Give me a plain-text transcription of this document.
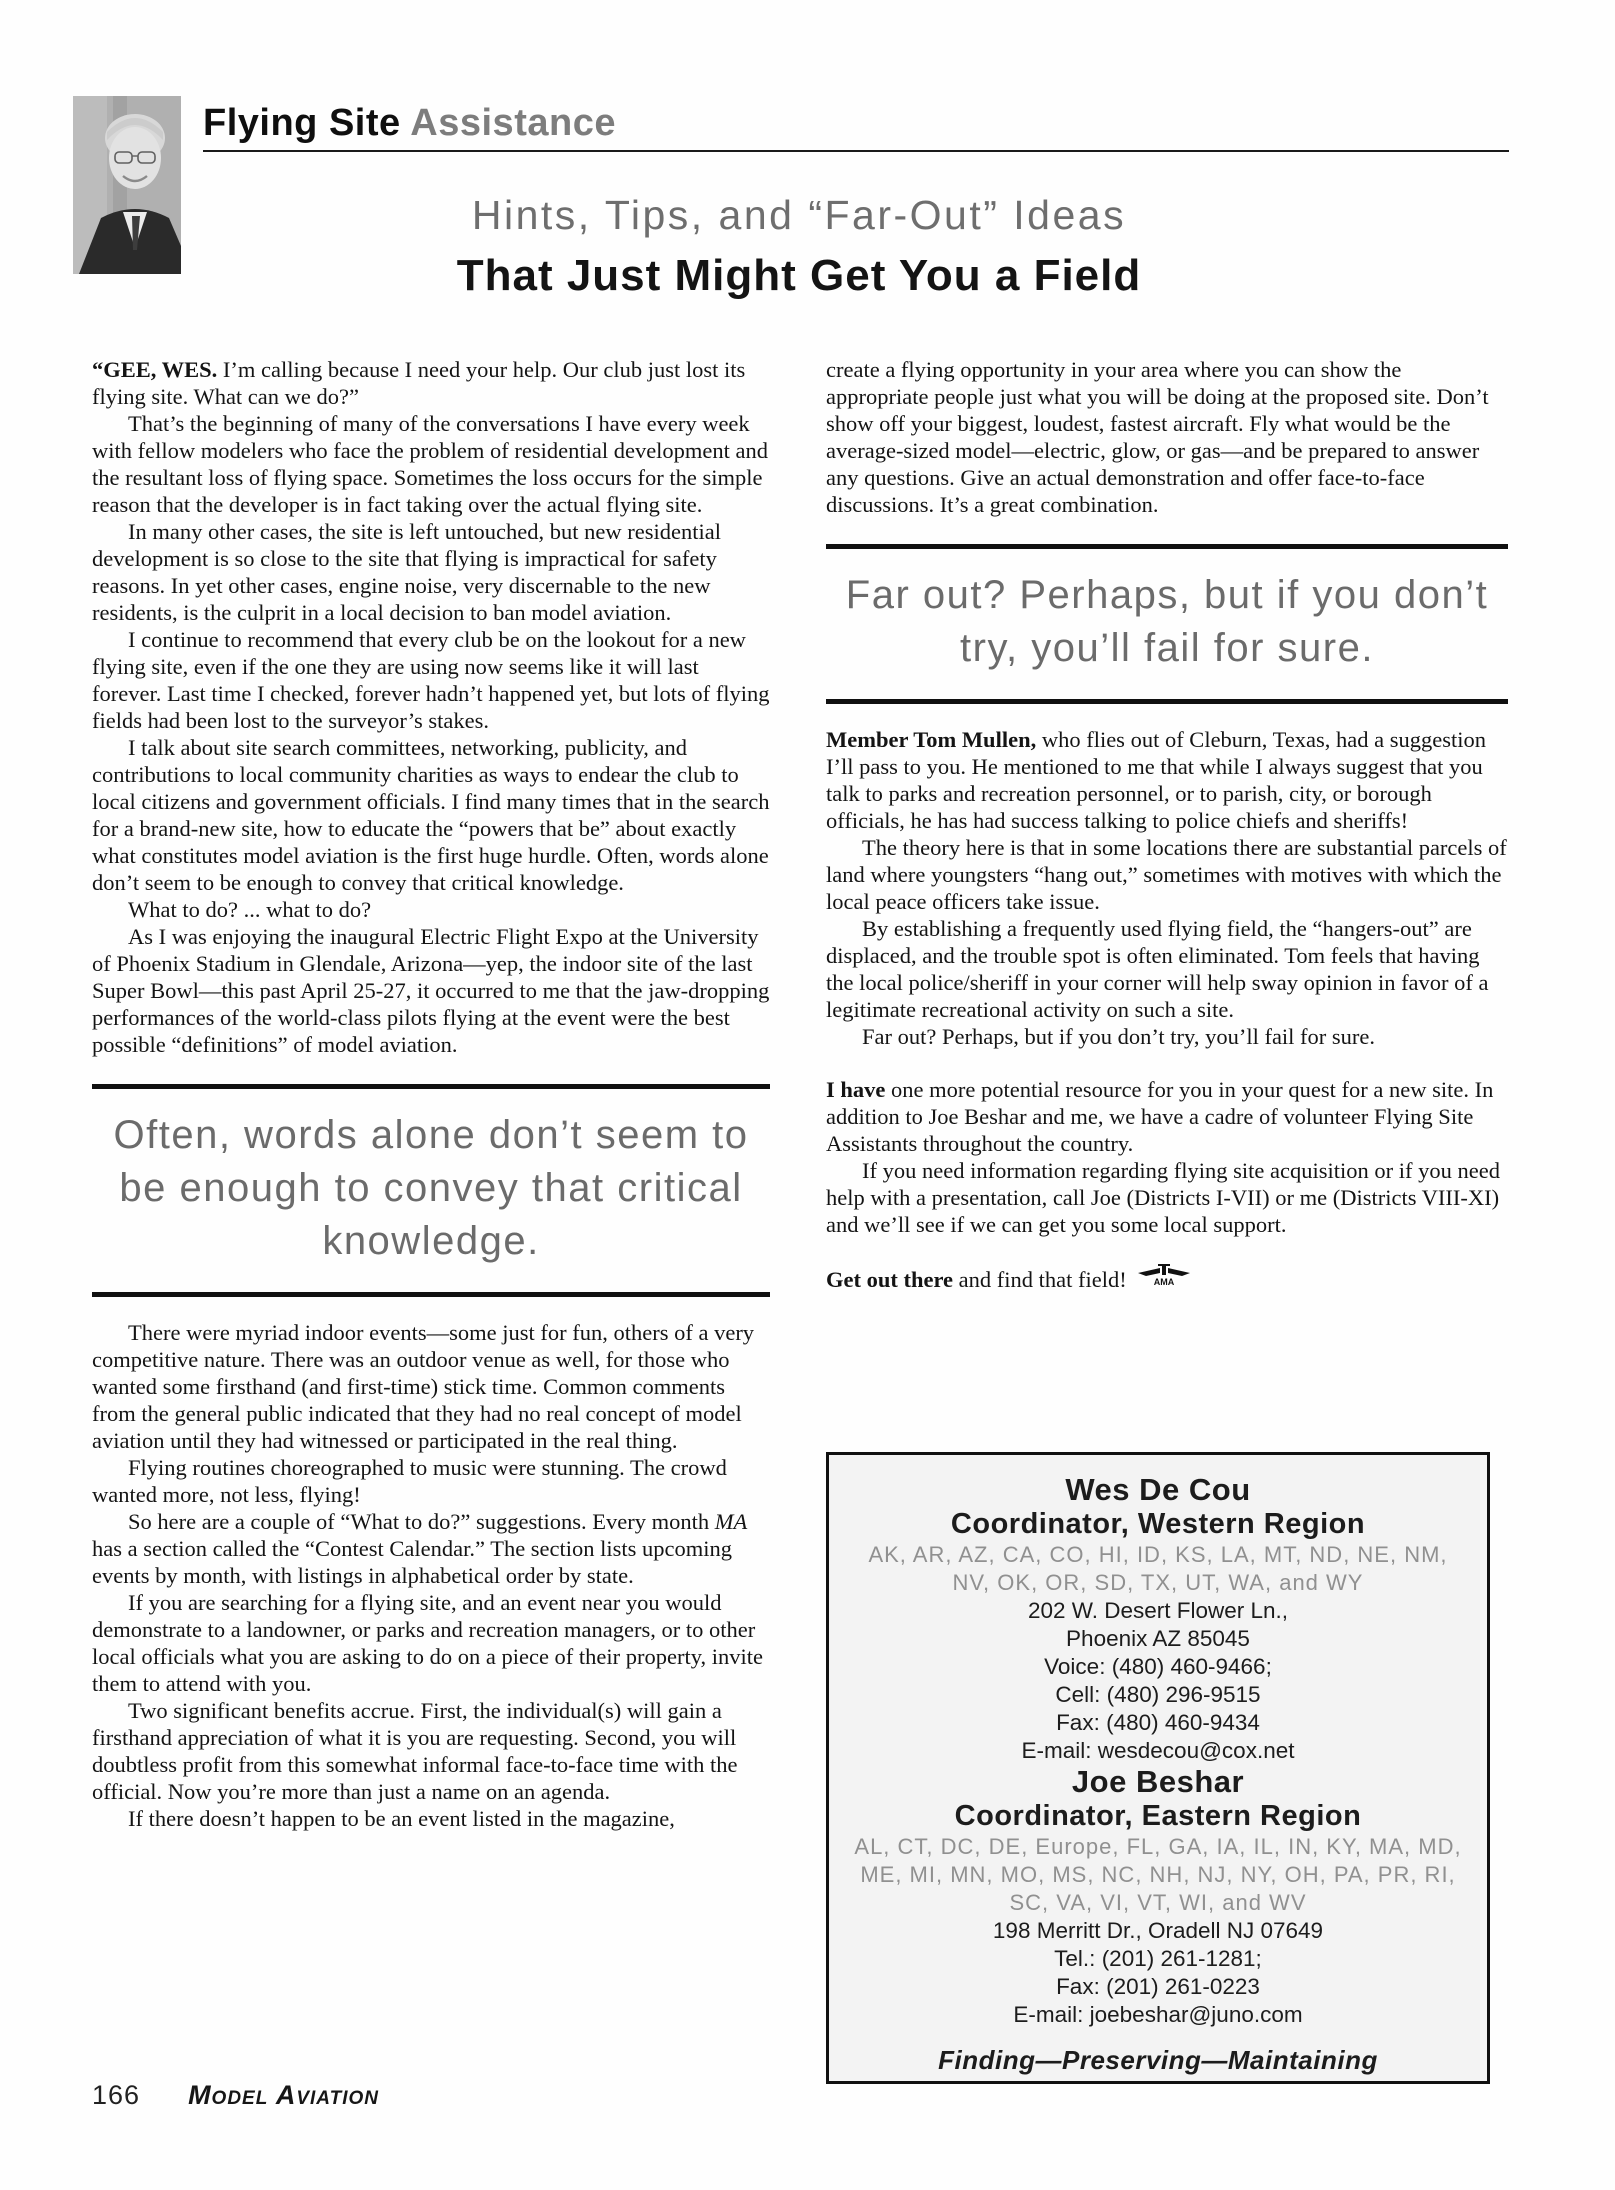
Flying Site Assistance

Hints, Tips, and “Far-Out” Ideas

That Just Might Get You a Field

“GEE, WES. I’m calling because I need your help. Our club just lost its flying site. What can we do?”

That’s the beginning of many of the conversations I have every week with fellow modelers who face the problem of residential development and the resultant loss of flying space. Sometimes the loss occurs for the simple reason that the developer is in fact taking over the actual flying site.

In many other cases, the site is left untouched, but new residential development is so close to the site that flying is impractical for safety reasons. In yet other cases, engine noise, very discernable to the new residents, is the culprit in a local decision to ban model aviation.

I continue to recommend that every club be on the lookout for a new flying site, even if the one they are using now seems like it will last forever. Last time I checked, forever hadn’t happened yet, but lots of flying fields had been lost to the surveyor’s stakes.

I talk about site search committees, networking, publicity, and contributions to local community charities as ways to endear the club to local citizens and government officials. I find many times that in the search for a brand-new site, how to educate the “powers that be” about exactly what constitutes model aviation is the first huge hurdle. Often, words alone don’t seem to be enough to convey that critical knowledge.

What to do? ... what to do?

As I was enjoying the inaugural Electric Flight Expo at the University of Phoenix Stadium in Glendale, Arizona—yep, the indoor site of the last Super Bowl—this past April 25-27, it occurred to me that the jaw-dropping performances of the world-class pilots flying at the event were the best possible “definitions” of model aviation.

Often, words alone don’t seem to be enough to convey that critical knowledge.

There were myriad indoor events—some just for fun, others of a very competitive nature. There was an outdoor venue as well, for those who wanted some firsthand (and first-time) stick time. Common comments from the general public indicated that they had no real concept of model aviation until they had witnessed or participated in the real thing.

Flying routines choreographed to music were stunning. The crowd wanted more, not less, flying!

So here are a couple of “What to do?” suggestions. Every month MA has a section called the “Contest Calendar.” The section lists upcoming events by month, with listings in alphabetical order by state.

If you are searching for a flying site, and an event near you would demonstrate to a landowner, or parks and recreation managers, or to other local officials what you are asking to do on a piece of their property, invite them to attend with you.

Two significant benefits accrue. First, the individual(s) will gain a firsthand appreciation of what it is you are requesting. Second, you will doubtless profit from this somewhat informal face-to-face time with the official. Now you’re more than just a name on an agenda.

If there doesn’t happen to be an event listed in the magazine,

create a flying opportunity in your area where you can show the appropriate people just what you will be doing at the proposed site. Don’t show off your biggest, loudest, fastest aircraft. Fly what would be the average-sized model—electric, glow, or gas—and be prepared to answer any questions. Give an actual demonstration and offer face-to-face discussions. It’s a great combination.

Far out? Perhaps, but if you don’t try, you’ll fail for sure.

Member Tom Mullen, who flies out of Cleburn, Texas, had a suggestion I’ll pass to you. He mentioned to me that while I always suggest that you talk to parks and recreation personnel, or to parish, city, or borough officials, he has had success talking to police chiefs and sheriffs!

The theory here is that in some locations there are substantial parcels of land where youngsters “hang out,” sometimes with motives with which the local peace officers take issue.

By establishing a frequently used flying field, the “hangers-out” are displaced, and the trouble spot is often eliminated. Tom feels that having the local police/sheriff in your corner will help sway opinion in favor of a legitimate recreational activity on such a site.

Far out? Perhaps, but if you don’t try, you’ll fail for sure.

I have one more potential resource for you in your quest for a new site. In addition to Joe Beshar and me, we have a cadre of volunteer Flying Site Assistants throughout the country.

If you need information regarding flying site acquisition or if you need help with a presentation, call Joe (Districts I-VII) or me (Districts VIII-XI) and we’ll see if we can get you some local support.

Get out there and find that field!	AMA

Wes De Cou
Coordinator, Western Region
AK, AR, AZ, CA, CO, HI, ID, KS, LA, MT, ND, NE, NM, NV, OK, OR, SD, TX, UT, WA, and WY
202 W. Desert Flower Ln.,
Phoenix AZ 85045
Voice: (480) 460-9466;
Cell: (480) 296-9515
Fax: (480) 460-9434
E-mail: wesdecou@cox.net
Joe Beshar
Coordinator, Eastern Region
AL, CT, DC, DE, Europe, FL, GA, IA, IL, IN, KY, MA, MD, ME, MI, MN, MO, MS, NC, NH, NJ, NY, OH, PA, PR, RI, SC, VA, VI, VT, WI, and WV
198 Merritt Dr., Oradell NJ 07649
Tel.: (201) 261-1281;
Fax: (201) 261-0223
E-mail: joebeshar@juno.com
Finding—Preserving—Maintaining
166 Model Aviation
